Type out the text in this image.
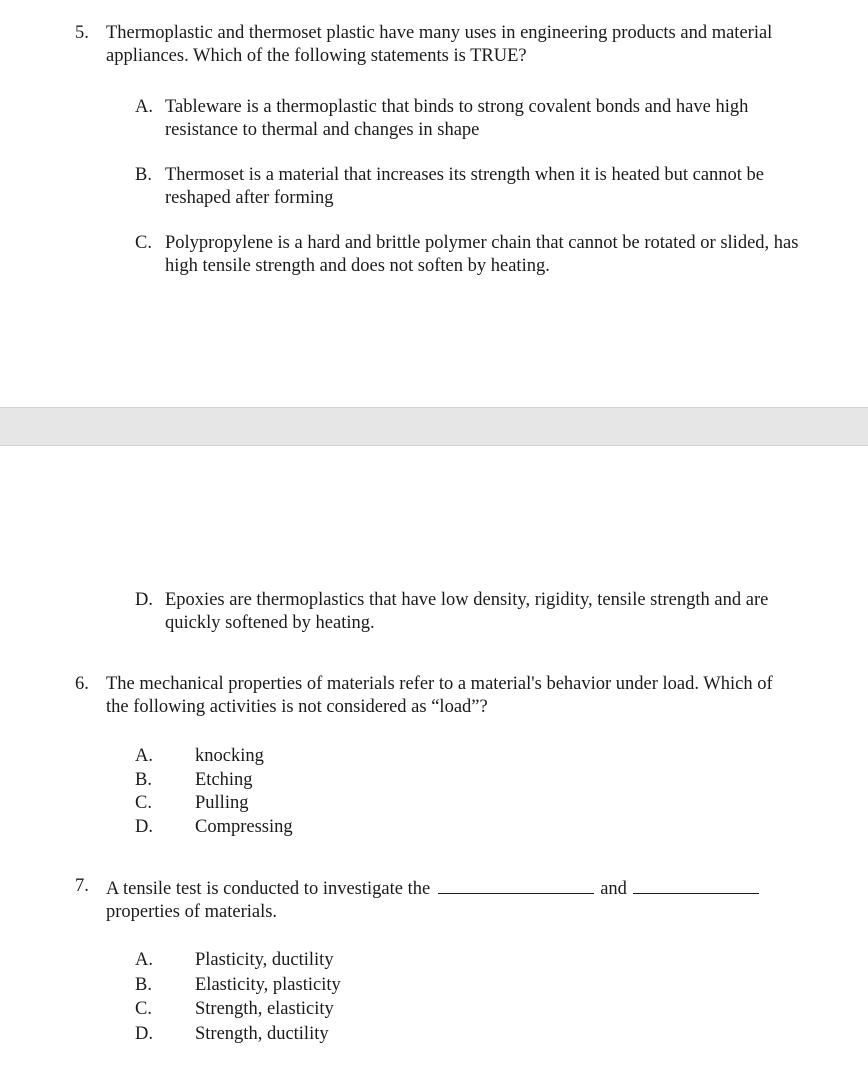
5. Thermoplastic and thermoset plastic have many uses in engineering products and material appliances. Which of the following statements is TRUE?
A. Tableware is a thermoplastic that binds to strong covalent bonds and have high resistance to thermal and changes in shape
B. Thermoset is a material that increases its strength when it is heated but cannot be reshaped after forming
C. Polypropylene is a hard and brittle polymer chain that cannot be rotated or slided, has high tensile strength and does not soften by heating.
D. Epoxies are thermoplastics that have low density, rigidity, tensile strength and are quickly softened by heating.
6. The mechanical properties of materials refer to a material's behavior under load. Which of the following activities is not considered as “load”?
A. knocking
B. Etching
C. Pulling
D. Compressing
7. A tensile test is conducted to investigate the	and
properties of materials.
A. Plasticity, ductility
B. Elasticity, plasticity
C. Strength, elasticity
D. Strength, ductility
